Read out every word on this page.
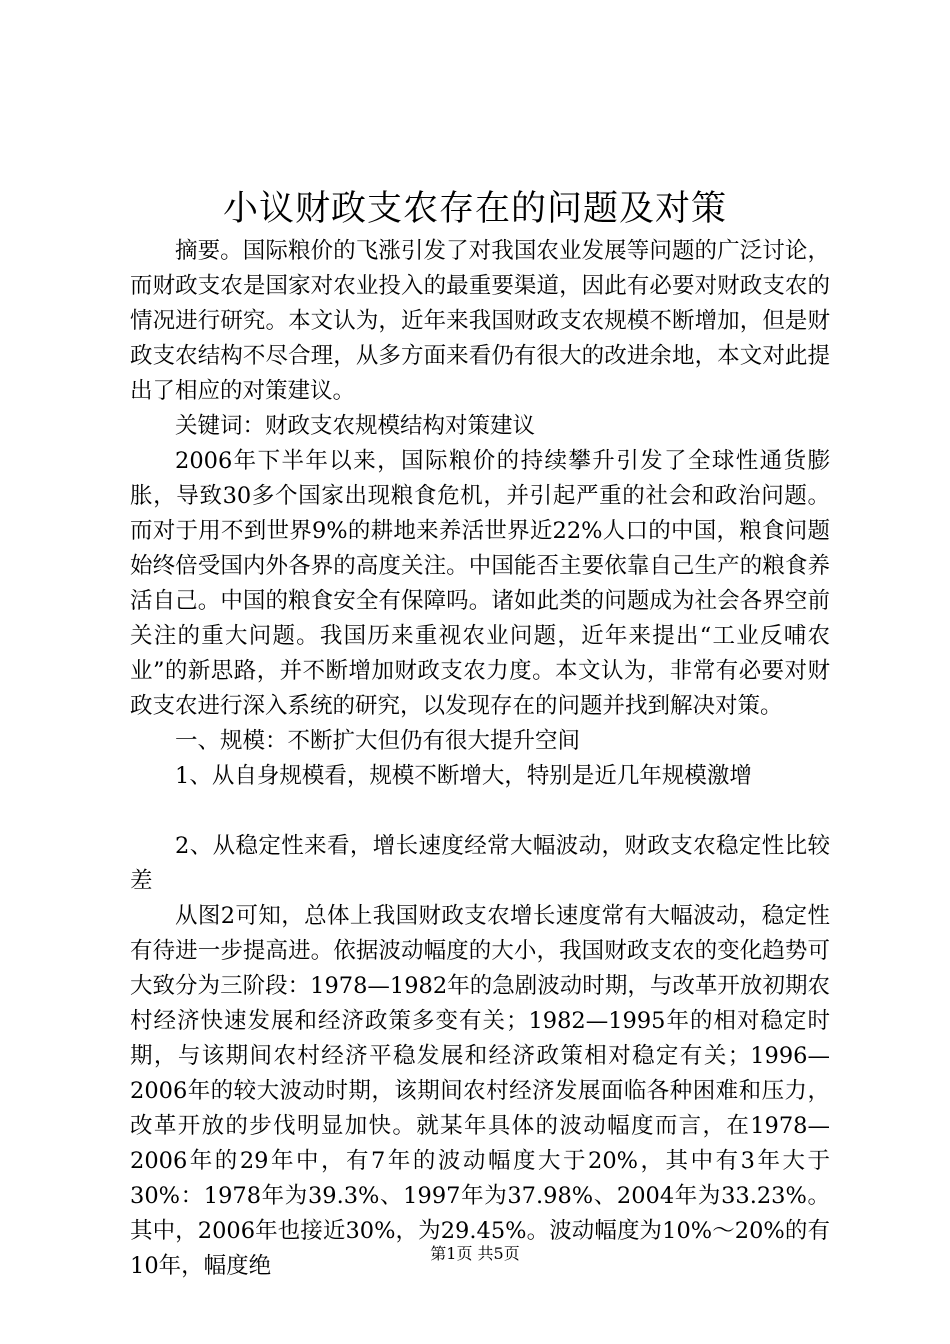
小议财政支农存在的问题及对策

摘要。国际粮价的飞涨引发了对我国农业发展等问题的广泛讨论，而财政支农是国家对农业投入的最重要渠道，因此有必要对财政支农的情况进行研究。本文认为，近年来我国财政支农规模不断增加，但是财政支农结构不尽合理，从多方面来看仍有很大的改进余地，本文对此提出了相应的对策建议。

关键词：财政支农规模结构对策建议

2006年下半年以来，国际粮价的持续攀升引发了全球性通货膨胀，导致30多个国家出现粮食危机，并引起严重的社会和政治问题。而对于用不到世界9%的耕地来养活世界近22%人口的中国，粮食问题始终倍受国内外各界的高度关注。中国能否主要依靠自己生产的粮食养活自己。中国的粮食安全有保障吗。诸如此类的问题成为社会各界空前关注的重大问题。我国历来重视农业问题，近年来提出“工业反哺农业”的新思路，并不断增加财政支农力度。本文认为，非常有必要对财政支农进行深入系统的研究，以发现存在的问题并找到解决对策。

一、规模：不断扩大但仍有很大提升空间

1、从自身规模看，规模不断增大，特别是近几年规模激增

2、从稳定性来看，增长速度经常大幅波动，财政支农稳定性比较差

从图2可知，总体上我国财政支农增长速度常有大幅波动，稳定性有待进一步提高进。依据波动幅度的大小，我国财政支农的变化趋势可大致分为三阶段：1978—1982年的急剧波动时期，与改革开放初期农村经济快速发展和经济政策多变有关；1982—1995年的相对稳定时期，与该期间农村经济平稳发展和经济政策相对稳定有关；1996—2006年的较大波动时期，该期间农村经济发展面临各种困难和压力，改革开放的步伐明显加快。就某年具体的波动幅度而言，在1978—2006年的29年中，有7年的波动幅度大于20%，其中有3年大于30%：1978年为39.3%、1997年为37.98%、2004年为33.23%。其中，2006年也接近30%，为29.45%。波动幅度为10%～20%的有10年，幅度绝	第1页 共5页
